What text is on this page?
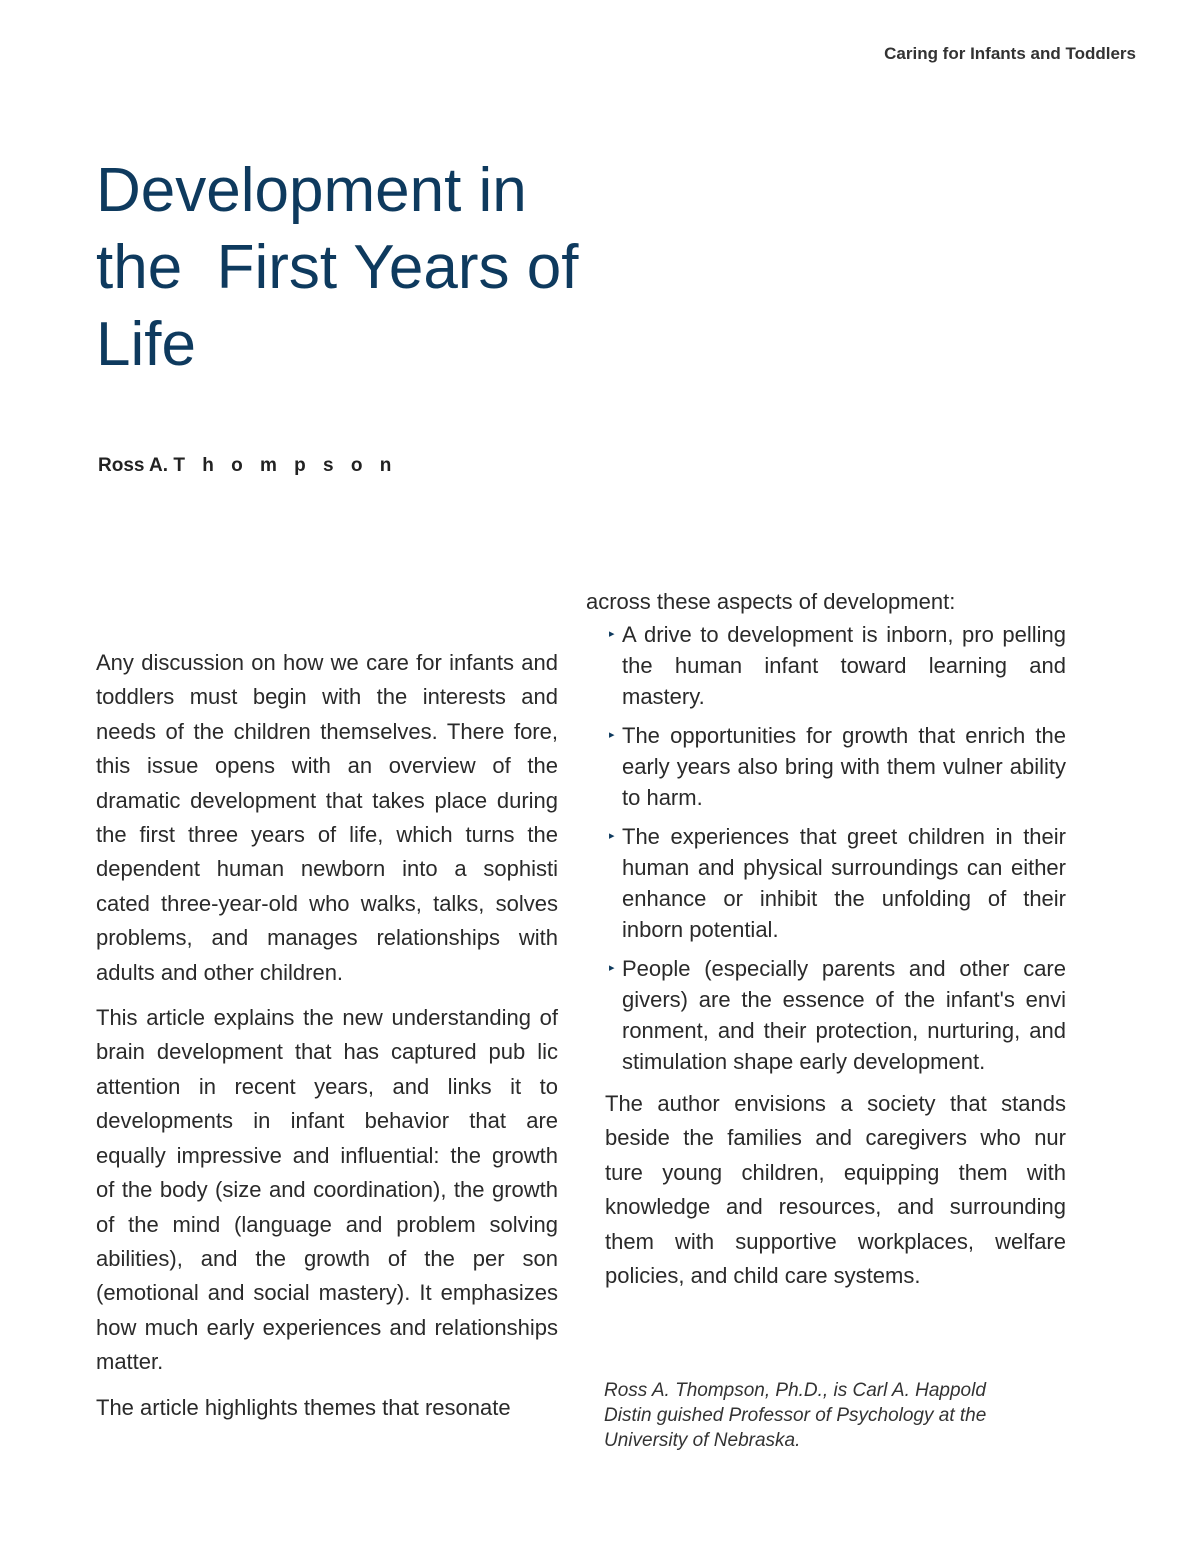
Caring for Infants and Toddlers
Development in
the  First Years of
Life
Ross A. T h o m p s o n

Any discussion on how we care for infants and toddlers must begin with the interests and needs of the children themselves. There fore, this issue opens with an overview of the dramatic development that takes place during the first three years of life, which turns the dependent human newborn into a sophisti cated three-year-old who walks, talks, solves problems, and manages relationships with adults and other children.

This article explains the new understanding of brain development that has captured pub lic attention in recent years, and links it to developments in infant behavior that are equally impressive and influential: the growth of the body (size and coordination), the growth of the mind (language and problem solving abilities), and the growth of the per son (emotional and social mastery). It emphasizes how much early experiences and relationships matter.

The article highlights themes that resonate

across these aspects of development:

▸ A drive to development is inborn, pro pelling the human infant toward learning and mastery.
▸ The opportunities for growth that enrich the early years also bring with them vulner ability to harm.
▸ The experiences that greet children in their human and physical surroundings can either enhance or inhibit the unfolding of their inborn potential.
▸ People (especially parents and other care givers) are the essence of the infant's envi ronment, and their protection, nurturing, and stimulation shape early development.

The author envisions a society that stands beside the families and caregivers who nur ture young children, equipping them with knowledge and resources, and surrounding them with supportive workplaces, welfare policies, and child care systems.

Ross A. Thompson, Ph.D., is Carl A. Happold Distin guished Professor of Psychology at the University of Nebraska.
